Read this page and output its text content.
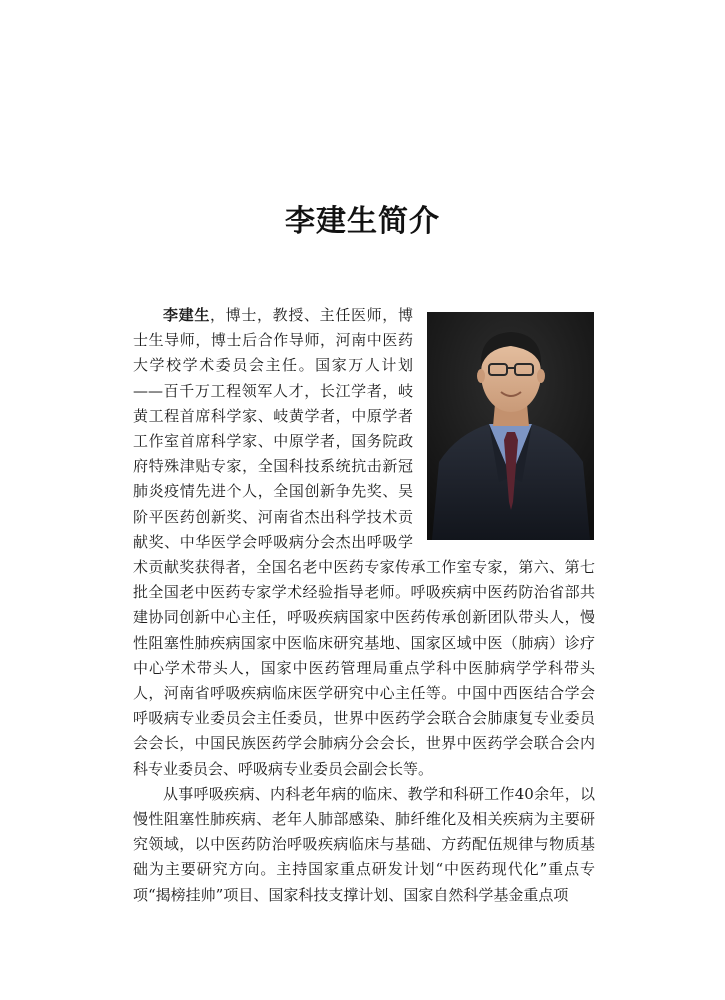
李建生简介

李建生，博士，教授、主任医师，博士生导师，博士后合作导师，河南中医药大学校学术委员会主任。国家万人计划——百千万工程领军人才，长江学者，岐黄工程首席科学家、岐黄学者，中原学者工作室首席科学家、中原学者，国务院政府特殊津贴专家，全国科技系统抗击新冠肺炎疫情先进个人，全国创新争先奖、吴阶平医药创新奖、河南省杰出科学技术贡献奖、中华医学会呼吸病分会杰出呼吸学术贡献奖获得者，全国名老中医药专家传承工作室专家，第六、第七批全国老中医药专家学术经验指导老师。呼吸疾病中医药防治省部共建协同创新中心主任，呼吸疾病国家中医药传承创新团队带头人，慢性阻塞性肺疾病国家中医临床研究基地、国家区域中医（肺病）诊疗中心学术带头人，国家中医药管理局重点学科中医肺病学学科带头人，河南省呼吸疾病临床医学研究中心主任等。中国中西医结合学会呼吸病专业委员会主任委员，世界中医药学会联合会肺康复专业委员会会长，中国民族医药学会肺病分会会长，世界中医药学会联合会内科专业委员会、呼吸病专业委员会副会长等。

从事呼吸疾病、内科老年病的临床、教学和科研工作40余年，以慢性阻塞性肺疾病、老年人肺部感染、肺纤维化及相关疾病为主要研究领域，以中医药防治呼吸疾病临床与基础、方药配伍规律与物质基础为主要研究方向。主持国家重点研发计划“中医药现代化”重点专项“揭榜挂帅”项目、国家科技支撑计划、国家自然科学基金重点项
